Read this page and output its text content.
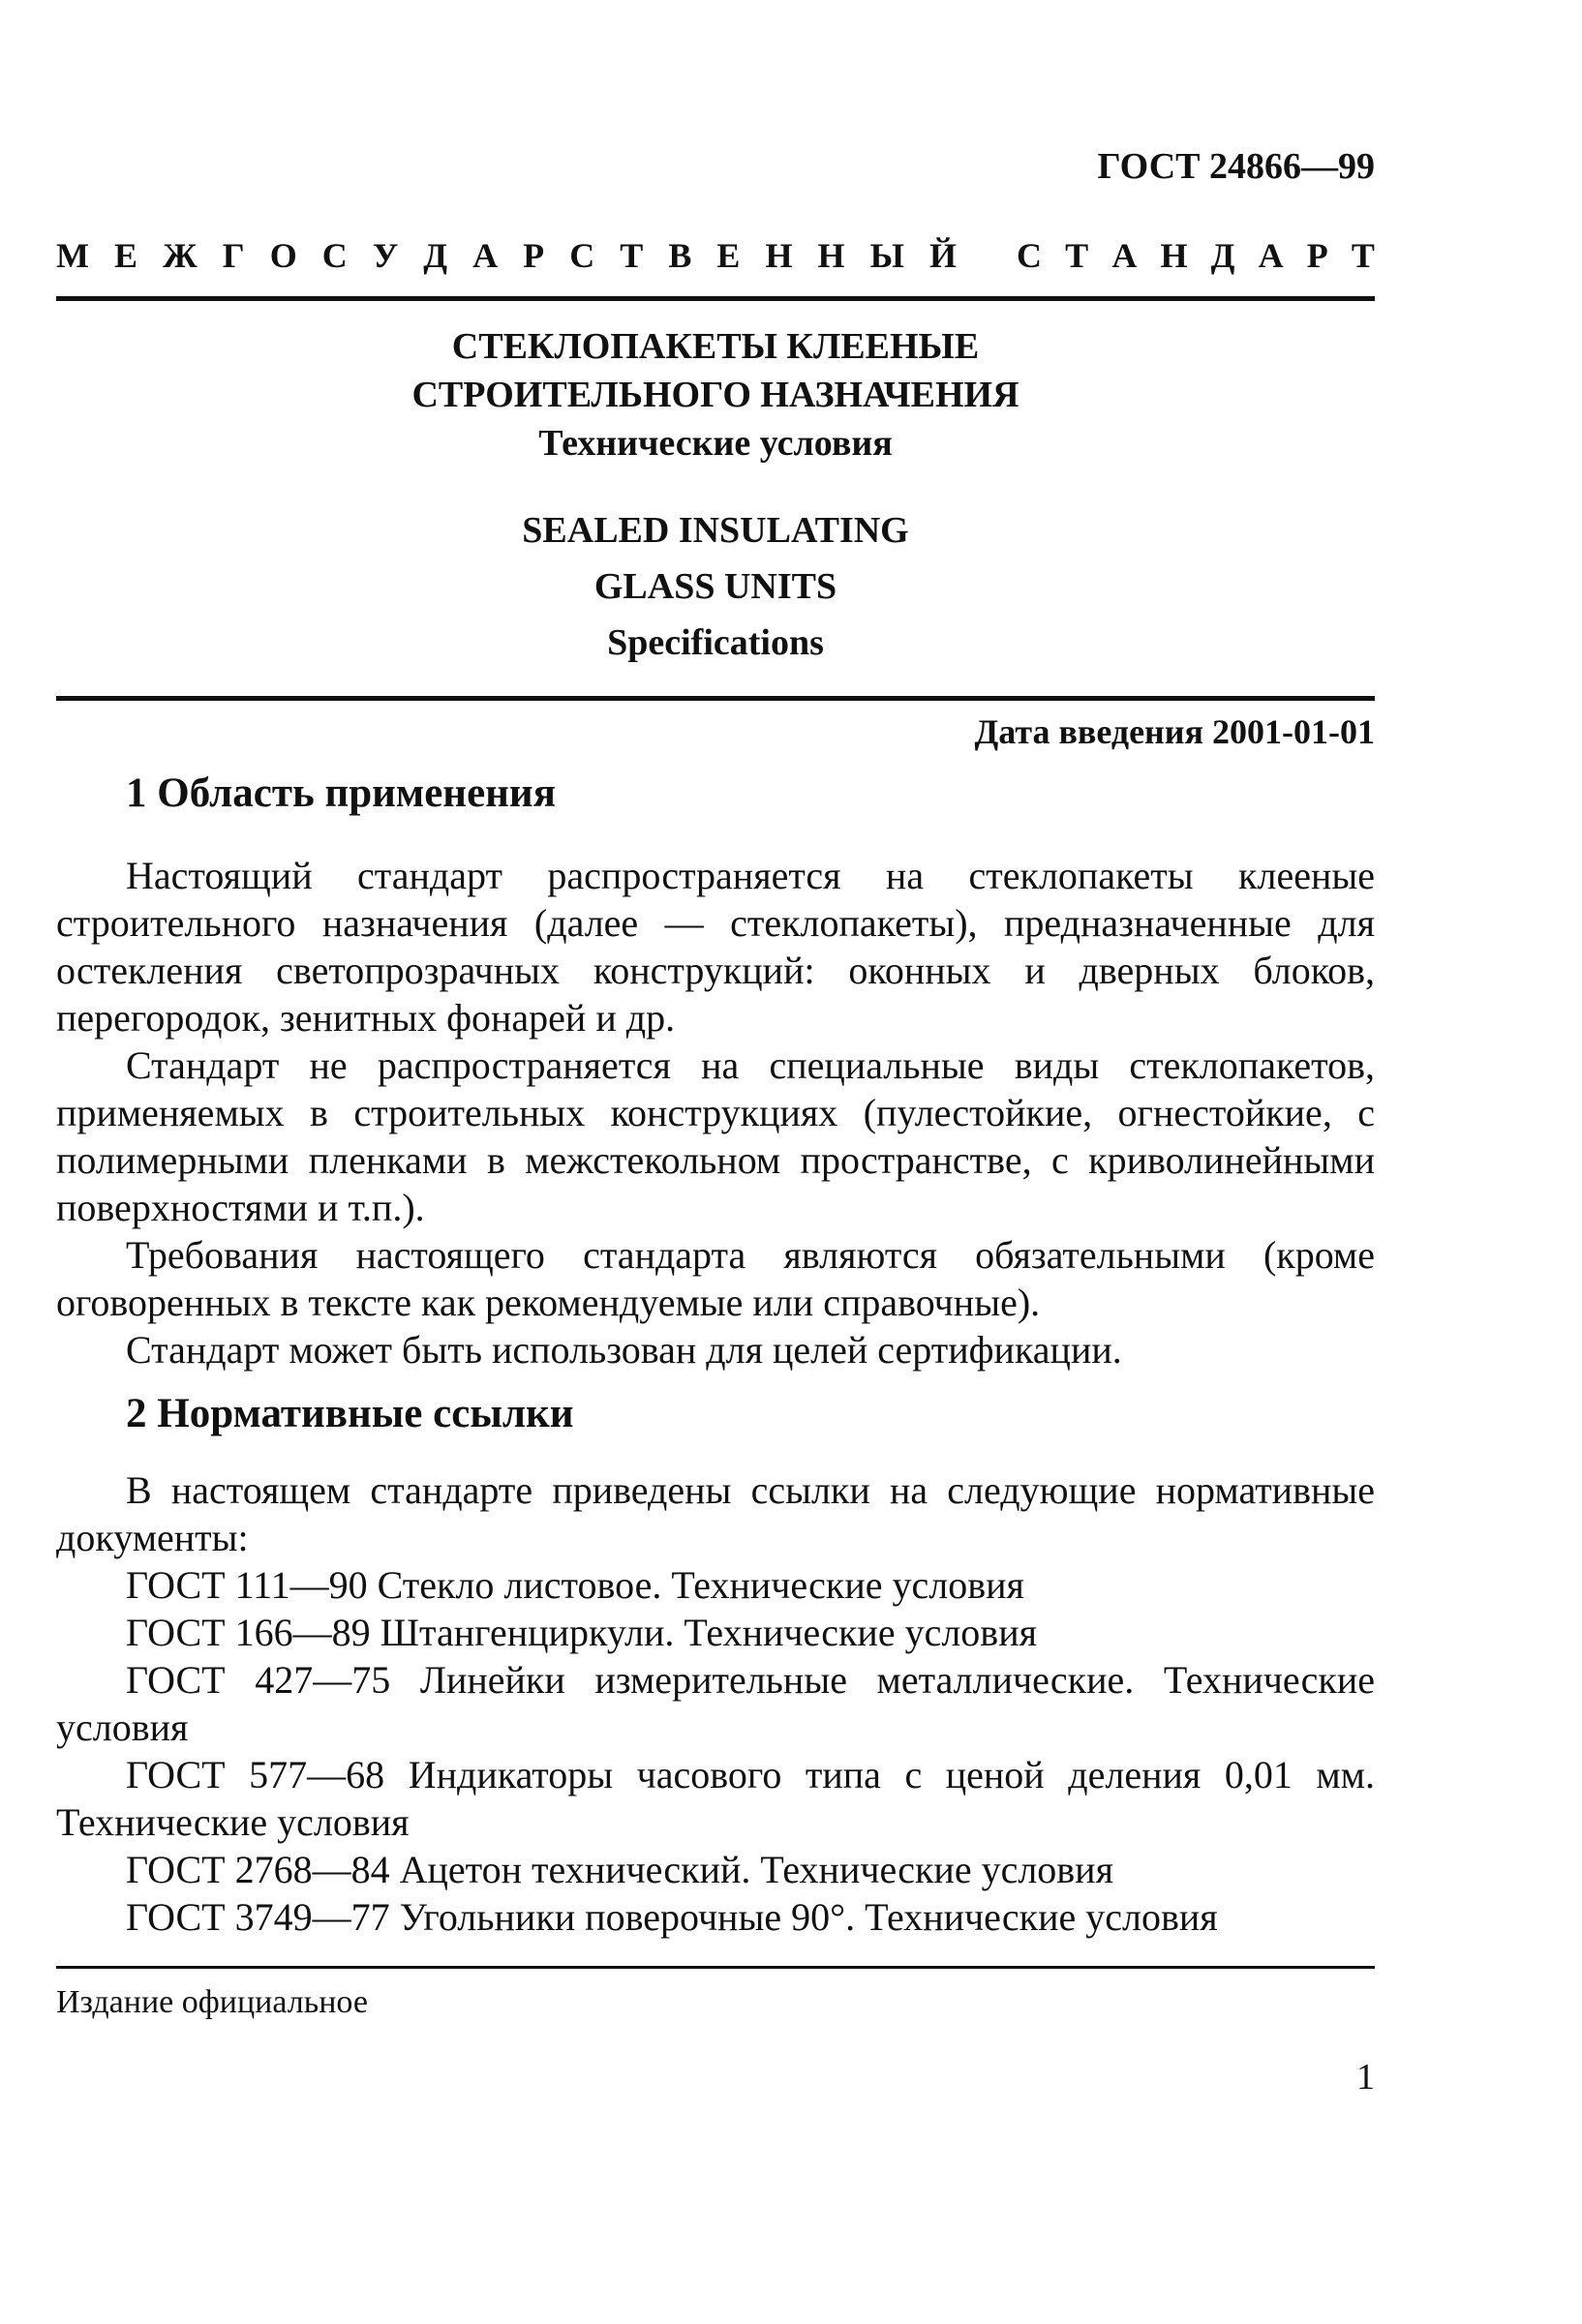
ГОСТ 24866—99

М Е Ж Г О С У Д А Р С Т В Е Н Н Ы Й С Т А Н Д А Р Т
СТЕКЛОПАКЕТЫ КЛЕЕНЫЕ
СТРОИТЕЛЬНОГО НАЗНАЧЕНИЯ
Технические условия
SEALED INSULATING
GLASS UNITS
Specifications
Дата введения 2001-01-01
1 Область применения

Настоящий стандарт распространяется на стеклопакеты клееные строительного назначения (далее — стеклопакеты), предназначенные для остекления светопрозрачных конструкций: оконных и дверных блоков, перегородок, зенитных фонарей и др.

Стандарт не распространяется на специальные виды стеклопакетов, применяемых в строительных конструкциях (пулестойкие, огнестойкие, с полимерными пленками в межстекольном пространстве, с криволинейными поверхностями и т.п.).

Требования настоящего стандарта являются обязательными (кроме оговоренных в тексте как рекомендуемые или справочные).

Стандарт может быть использован для целей сертификации.

2 Нормативные ссылки

В настоящем стандарте приведены ссылки на следующие нормативные документы:

ГОСТ 111—90 Стекло листовое. Технические условия

ГОСТ 166—89 Штангенциркули. Технические условия

ГОСТ 427—75 Линейки измерительные металлические. Технические условия

ГОСТ 577—68 Индикаторы часового типа с ценой деления 0,01 мм. Технические условия

ГОСТ 2768—84 Ацетон технический. Технические условия

ГОСТ 3749—77 Угольники поверочные 90°. Технические условия

Издание официальное
1
